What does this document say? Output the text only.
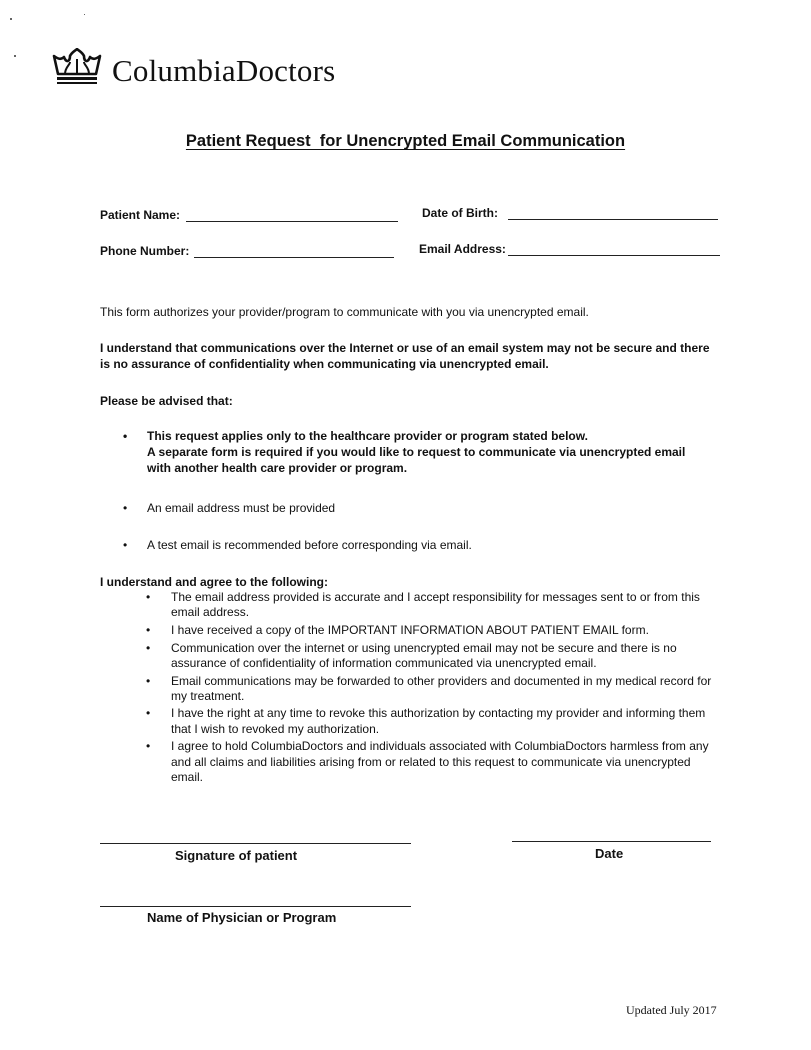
ColumbiaDoctors
Patient Request  for Unencrypted Email Communication
Patient Name:	Date of Birth:
Phone Number:	Email Address:
This form authorizes your provider/program to communicate with you via unencrypted email.
I understand that communications over the Internet or use of an email system may not be secure and there is no assurance of confidentiality when communicating via unencrypted email.
Please be advised that:
• This request applies only to the healthcare provider or program stated below.
A separate form is required if you would like to request to communicate via unencrypted email with another health care provider or program.
• An email address must be provided
• A test email is recommended before corresponding via email.
I understand and agree to the following:
• The email address provided is accurate and I accept responsibility for messages sent to or from this email address.
• I have received a copy of the IMPORTANT INFORMATION ABOUT PATIENT EMAIL form.
• Communication over the internet or using unencrypted email may not be secure and there is no assurance of confidentiality of information communicated via unencrypted email.
• Email communications may be forwarded to other providers and documented in my medical record for my treatment.
• I have the right at any time to revoke this authorization by contacting my provider and informing them that I wish to revoked my authorization.
• I agree to hold ColumbiaDoctors and individuals associated with ColumbiaDoctors harmless from any and all claims and liabilities arising from or related to this request to communicate via unencrypted email.
Signature of patient	Date
Name of Physician or Program
Updated July 2017
